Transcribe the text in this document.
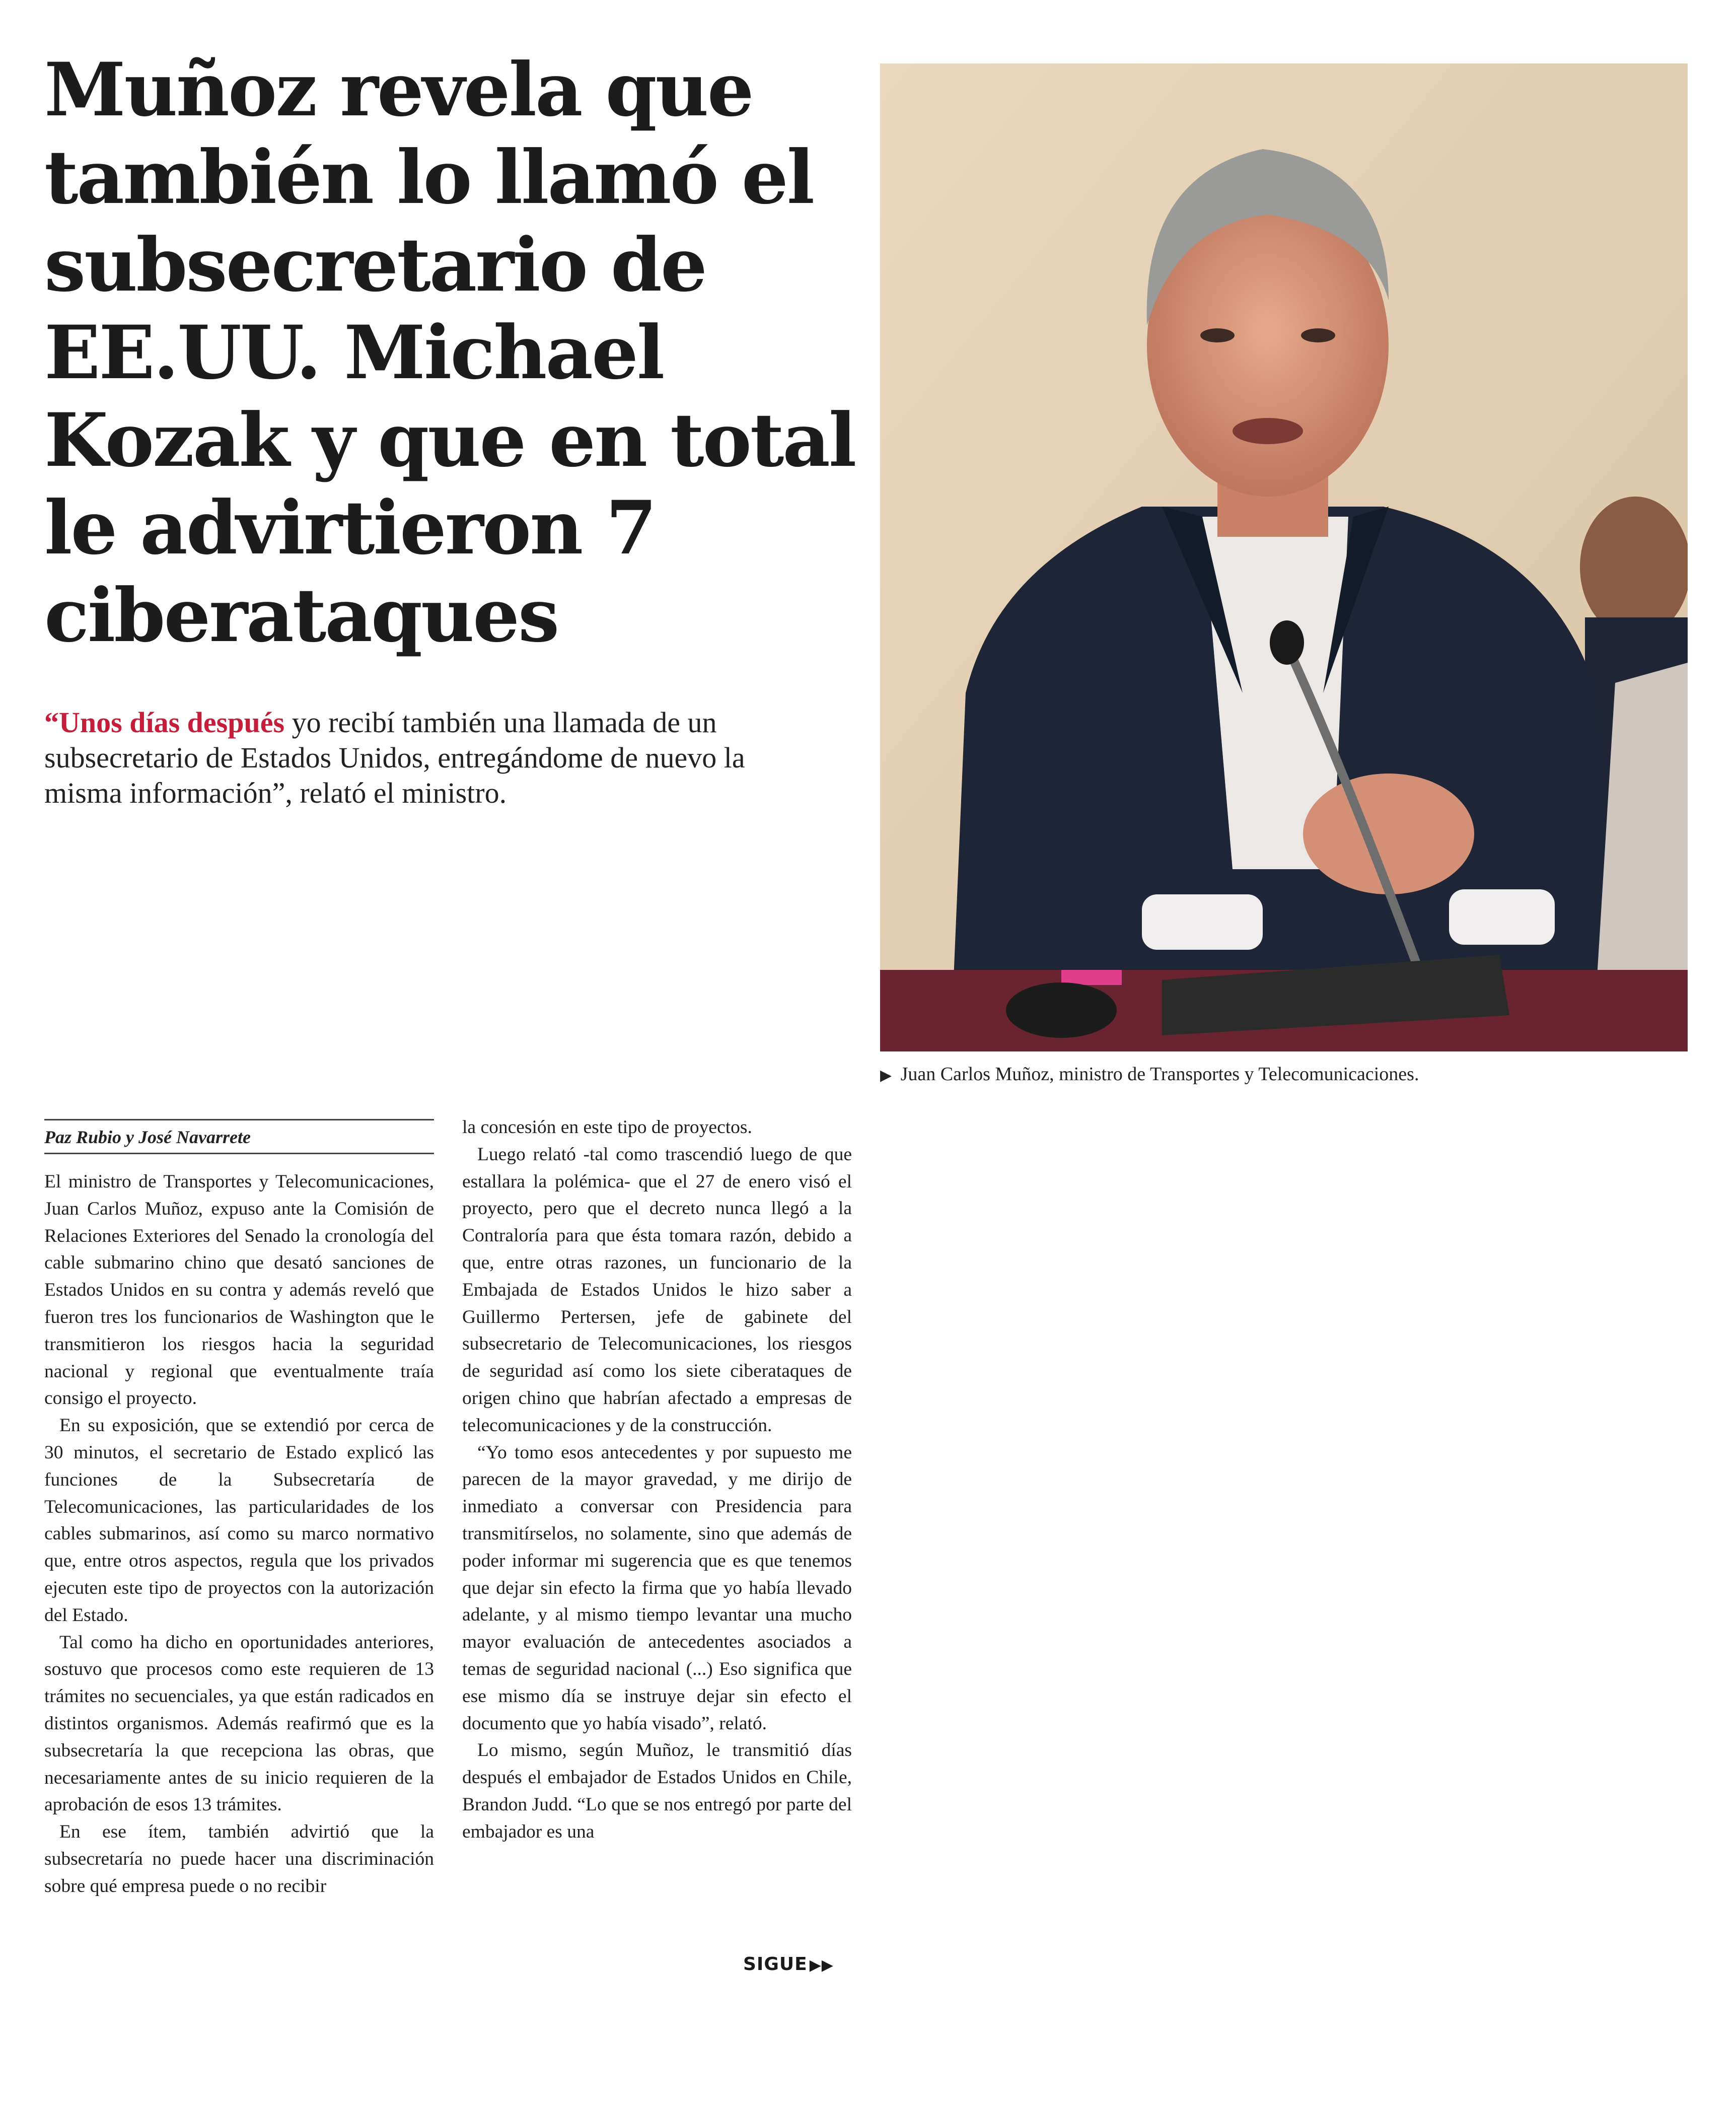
Muñoz revela que también lo llamó el subsecretario de EE.UU. Michael Kozak y que en total le advirtieron 7 ciberataques
“Unos días después yo recibí también una llamada de un subsecretario de Estados Unidos, entregándome de nuevo la misma información”, relató el ministro.
▶ Juan Carlos Muñoz, ministro de Transportes y Telecomunicaciones.
Paz Rubio y José Navarrete

El ministro de Transportes y Telecomunicaciones, Juan Carlos Muñoz, expuso ante la Comisión de Relaciones Exteriores del Senado la cronología del cable submarino chino que desató sanciones de Estados Unidos en su contra y además reveló que fueron tres los funcionarios de Washington que le transmitieron los riesgos hacia la seguridad nacional y regional que eventualmente traía consigo el proyecto.

En su exposición, que se extendió por cerca de 30 minutos, el secretario de Estado explicó las funciones de la Subsecretaría de Telecomunicaciones, las particularidades de los cables submarinos, así como su marco normativo que, entre otros aspectos, regula que los privados ejecuten este tipo de proyectos con la autorización del Estado.

Tal como ha dicho en oportunidades anteriores, sostuvo que procesos como este requieren de 13 trámites no secuenciales, ya que están radicados en distintos organismos. Además reafirmó que es la subsecretaría la que recepciona las obras, que necesariamente antes de su inicio requieren de la aprobación de esos 13 trámites.

En ese ítem, también advirtió que la subsecretaría no puede hacer una discriminación sobre qué empresa puede o no recibir

la concesión en este tipo de proyectos.

Luego relató -tal como trascendió luego de que estallara la polémica- que el 27 de enero visó el proyecto, pero que el decreto nunca llegó a la Contraloría para que ésta tomara razón, debido a que, entre otras razones, un funcionario de la Embajada de Estados Unidos le hizo saber a Guillermo Pertersen, jefe de gabinete del subsecretario de Telecomunicaciones, los riesgos de seguridad así como los siete ciberataques de origen chino que habrían afectado a empresas de telecomunicaciones y de la construcción.

“Yo tomo esos antecedentes y por supuesto me parecen de la mayor gravedad, y me dirijo de inmediato a conversar con Presidencia para transmitírselos, no solamente, sino que además de poder informar mi sugerencia que es que tenemos que dejar sin efecto la firma que yo había llevado adelante, y al mismo tiempo levantar una mucho mayor evaluación de antecedentes asociados a temas de seguridad nacional (...) Eso significa que ese mismo día se instruye dejar sin efecto el documento que yo había visado”, relató.

Lo mismo, según Muñoz, le transmitió días después el embajador de Estados Unidos en Chile, Brandon Judd. “Lo que se nos entregó por parte del embajador es una

SIGUE ▶▶
